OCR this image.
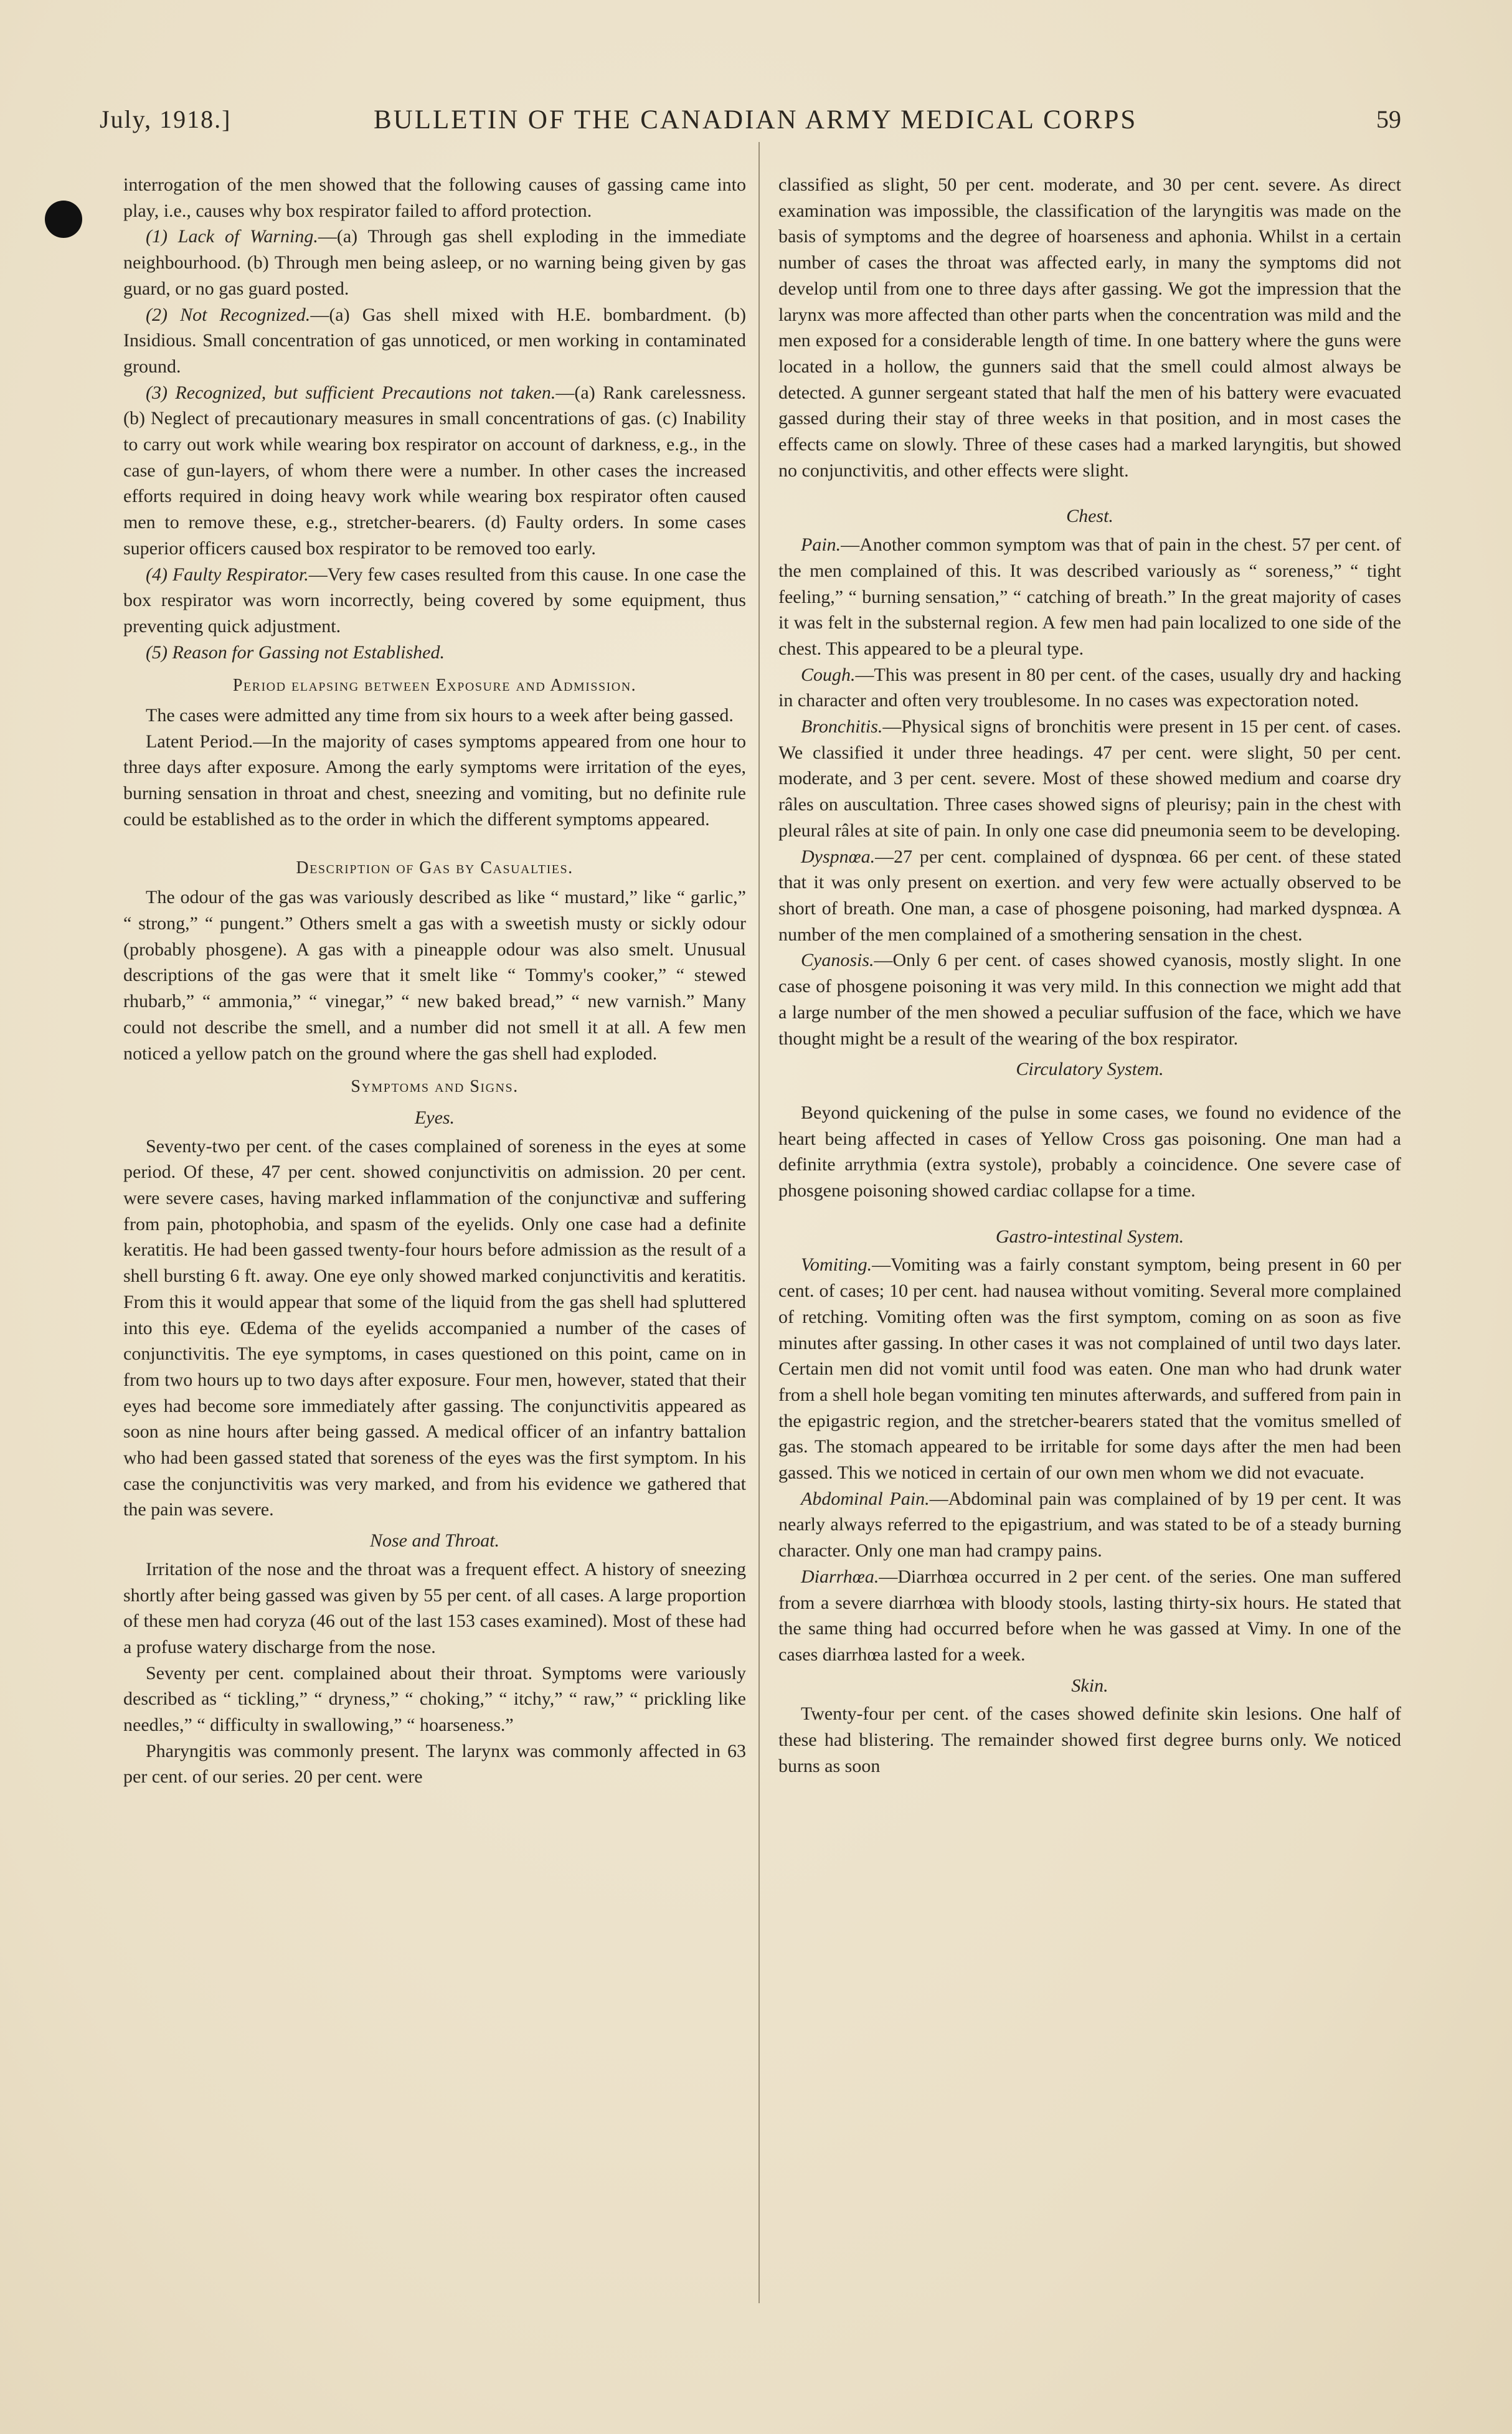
July, 1918.]	BULLETIN OF THE CANADIAN ARMY MEDICAL CORPS	59

interrogation of the men showed that the following causes of gassing came into play, i.e., causes why box respirator failed to afford protection.

(1) Lack of Warning.—(a) Through gas shell exploding in the immediate neighbourhood. (b) Through men being asleep, or no warning being given by gas guard, or no gas guard posted.

(2) Not Recognized.—(a) Gas shell mixed with H.E. bombardment. (b) Insidious. Small concentration of gas unnoticed, or men working in contaminated ground.

(3) Recognized, but sufficient Precautions not taken.—(a) Rank carelessness. (b) Neglect of precautionary measures in small concentrations of gas. (c) Inability to carry out work while wearing box respirator on account of darkness, e.g., in the case of gun-layers, of whom there were a number. In other cases the increased efforts required in doing heavy work while wearing box respirator often caused men to remove these, e.g., stretcher-bearers. (d) Faulty orders. In some cases superior officers caused box respirator to be removed too early.

(4) Faulty Respirator.—Very few cases resulted from this cause. In one case the box respirator was worn incorrectly, being covered by some equipment, thus preventing quick adjustment.

(5) Reason for Gassing not Established.

Period elapsing between Exposure and Admission.

The cases were admitted any time from six hours to a week after being gassed.

Latent Period.—In the majority of cases symptoms appeared from one hour to three days after exposure. Among the early symptoms were irritation of the eyes, burning sensation in throat and chest, sneezing and vomiting, but no definite rule could be established as to the order in which the different symptoms appeared.

Description of Gas by Casualties.

The odour of the gas was variously described as like “ mustard,” like “ garlic,” “ strong,” “ pungent.” Others smelt a gas with a sweetish musty or sickly odour (probably phosgene). A gas with a pineapple odour was also smelt. Unusual descriptions of the gas were that it smelt like “ Tommy's cooker,” “ stewed rhubarb,” “ ammonia,” “ vinegar,” “ new baked bread,” “ new varnish.” Many could not describe the smell, and a number did not smell it at all. A few men noticed a yellow patch on the ground where the gas shell had exploded.

Symptoms and Signs.
Eyes.

Seventy-two per cent. of the cases complained of soreness in the eyes at some period. Of these, 47 per cent. showed conjunctivitis on admission. 20 per cent. were severe cases, having marked inflammation of the conjunctivæ and suffering from pain, photophobia, and spasm of the eyelids. Only one case had a definite keratitis. He had been gassed twenty-four hours before admission as the result of a shell bursting 6 ft. away. One eye only showed marked conjunctivitis and keratitis. From this it would appear that some of the liquid from the gas shell had spluttered into this eye. Œdema of the eyelids accompanied a number of the cases of conjunctivitis. The eye symptoms, in cases questioned on this point, came on in from two hours up to two days after exposure. Four men, however, stated that their eyes had become sore immediately after gassing. The conjunctivitis appeared as soon as nine hours after being gassed. A medical officer of an infantry battalion who had been gassed stated that soreness of the eyes was the first symptom. In his case the conjunctivitis was very marked, and from his evidence we gathered that the pain was severe.

Nose and Throat.

Irritation of the nose and the throat was a frequent effect. A history of sneezing shortly after being gassed was given by 55 per cent. of all cases. A large proportion of these men had coryza (46 out of the last 153 cases examined). Most of these had a profuse watery discharge from the nose.

Seventy per cent. complained about their throat. Symptoms were variously described as “ tickling,” “ dryness,” “ choking,” “ itchy,” “ raw,” “ prickling like needles,” “ difficulty in swallowing,” “ hoarseness.”

Pharyngitis was commonly present. The larynx was commonly affected in 63 per cent. of our series. 20 per cent. were

classified as slight, 50 per cent. moderate, and 30 per cent. severe. As direct examination was impossible, the classification of the laryngitis was made on the basis of symptoms and the degree of hoarseness and aphonia. Whilst in a certain number of cases the throat was affected early, in many the symptoms did not develop until from one to three days after gassing. We got the impression that the larynx was more affected than other parts when the concentration was mild and the men exposed for a considerable length of time. In one battery where the guns were located in a hollow, the gunners said that the smell could almost always be detected. A gunner sergeant stated that half the men of his battery were evacuated gassed during their stay of three weeks in that position, and in most cases the effects came on slowly. Three of these cases had a marked laryngitis, but showed no conjunctivitis, and other effects were slight.

Chest.

Pain.—Another common symptom was that of pain in the chest. 57 per cent. of the men complained of this. It was described variously as “ soreness,” “ tight feeling,” “ burning sensation,” “ catching of breath.” In the great majority of cases it was felt in the substernal region. A few men had pain localized to one side of the chest. This appeared to be a pleural type.

Cough.—This was present in 80 per cent. of the cases, usually dry and hacking in character and often very troublesome. In no cases was expectoration noted.

Bronchitis.—Physical signs of bronchitis were present in 15 per cent. of cases. We classified it under three headings. 47 per cent. were slight, 50 per cent. moderate, and 3 per cent. severe. Most of these showed medium and coarse dry râles on auscultation. Three cases showed signs of pleurisy; pain in the chest with pleural râles at site of pain. In only one case did pneumonia seem to be developing.

Dyspnœa.—27 per cent. complained of dyspnœa. 66 per cent. of these stated that it was only present on exertion. and very few were actually observed to be short of breath. One man, a case of phosgene poisoning, had marked dyspnœa. A number of the men complained of a smothering sensation in the chest.

Cyanosis.—Only 6 per cent. of cases showed cyanosis, mostly slight. In one case of phosgene poisoning it was very mild. In this connection we might add that a large number of the men showed a peculiar suffusion of the face, which we have thought might be a result of the wearing of the box respirator.

Circulatory System.

Beyond quickening of the pulse in some cases, we found no evidence of the heart being affected in cases of Yellow Cross gas poisoning. One man had a definite arrythmia (extra systole), probably a coincidence. One severe case of phosgene poisoning showed cardiac collapse for a time.

Gastro-intestinal System.

Vomiting.—Vomiting was a fairly constant symptom, being present in 60 per cent. of cases; 10 per cent. had nausea without vomiting. Several more complained of retching. Vomiting often was the first symptom, coming on as soon as five minutes after gassing. In other cases it was not complained of until two days later. Certain men did not vomit until food was eaten. One man who had drunk water from a shell hole began vomiting ten minutes afterwards, and suffered from pain in the epigastric region, and the stretcher-bearers stated that the vomitus smelled of gas. The stomach appeared to be irritable for some days after the men had been gassed. This we noticed in certain of our own men whom we did not evacuate.

Abdominal Pain.—Abdominal pain was complained of by 19 per cent. It was nearly always referred to the epigastrium, and was stated to be of a steady burning character. Only one man had crampy pains.

Diarrhœa.—Diarrhœa occurred in 2 per cent. of the series. One man suffered from a severe diarrhœa with bloody stools, lasting thirty-six hours. He stated that the same thing had occurred before when he was gassed at Vimy. In one of the cases diarrhœa lasted for a week.

Skin.

Twenty-four per cent. of the cases showed definite skin lesions. One half of these had blistering. The remainder showed first degree burns only. We noticed burns as soon
